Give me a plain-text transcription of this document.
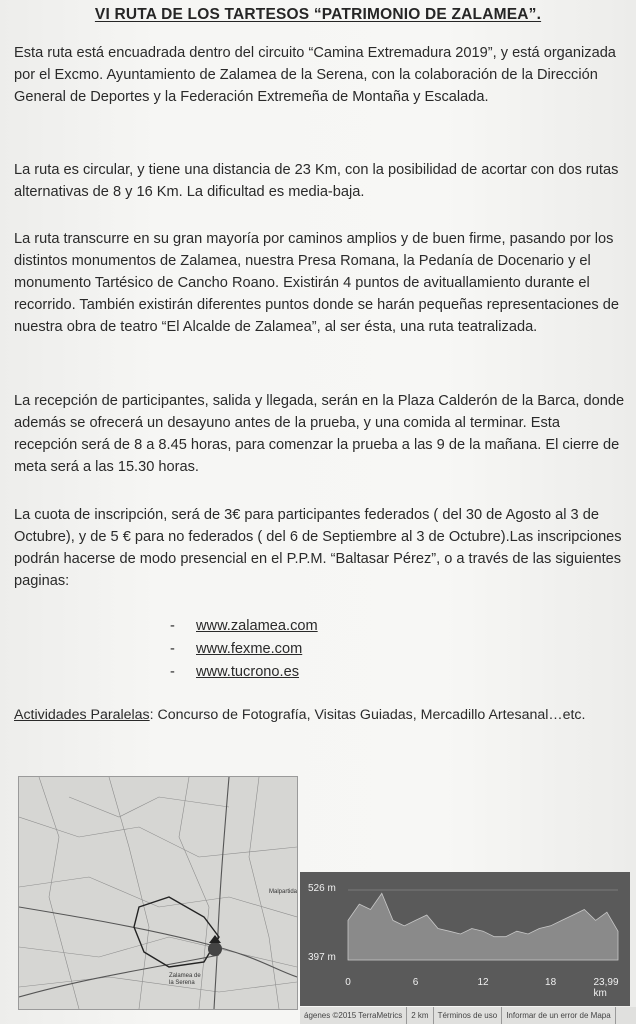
VI RUTA DE LOS TARTESOS “PATRIMONIO DE ZALAMEA”.

Esta ruta está encuadrada dentro del circuito “Camina Extremadura 2019”, y está organizada por el Excmo. Ayuntamiento de Zalamea de la Serena, con la colaboración de la Dirección General de Deportes y la Federación Extremeña de Montaña y Escalada.

La ruta es circular, y tiene una distancia de 23 Km, con la posibilidad de acortar con dos rutas alternativas de 8 y 16 Km. La dificultad es media-baja.

La ruta transcurre en su gran mayoría por caminos amplios y de buen firme, pasando por los distintos monumentos de Zalamea, nuestra Presa Romana, la Pedanía de Docenario y el monumento Tartésico de Cancho Roano. Existirán 4 puntos de avituallamiento durante el recorrido. También existirán diferentes puntos donde se harán pequeñas representaciones de nuestra obra de teatro “El Alcalde de Zalamea”, al ser ésta, una ruta teatralizada.

La recepción de participantes, salida y llegada, serán en la Plaza Calderón de la Barca, donde además se ofrecerá un desayuno antes de la prueba, y una comida al terminar. Esta recepción será de 8 a 8.45 horas, para comenzar la prueba a las 9 de la mañana. El cierre de meta será a las 15.30 horas.

La cuota de inscripción, será de 3€ para participantes federados ( del 30 de Agosto al 3 de Octubre), y de 5 € para no federados ( del 6 de Septiembre al 3 de Octubre).Las inscripciones podrán hacerse de modo presencial en el P.P.M. “Baltasar Pérez”, o a través de las siguientes paginas:

- www.zalamea.com
- www.fexme.com
- www.tucrono.es
Actividades Paralelas: Concurso de Fotografía, Visitas Guiadas, Mercadillo Artesanal…etc.
Zalamea de
la Serena
Malpartida 526 m
397 m
0	6	12	18	23,99 km
ágenes ©2015 TerraMetrics 2 km Términos de uso Informar de un error de Mapa
